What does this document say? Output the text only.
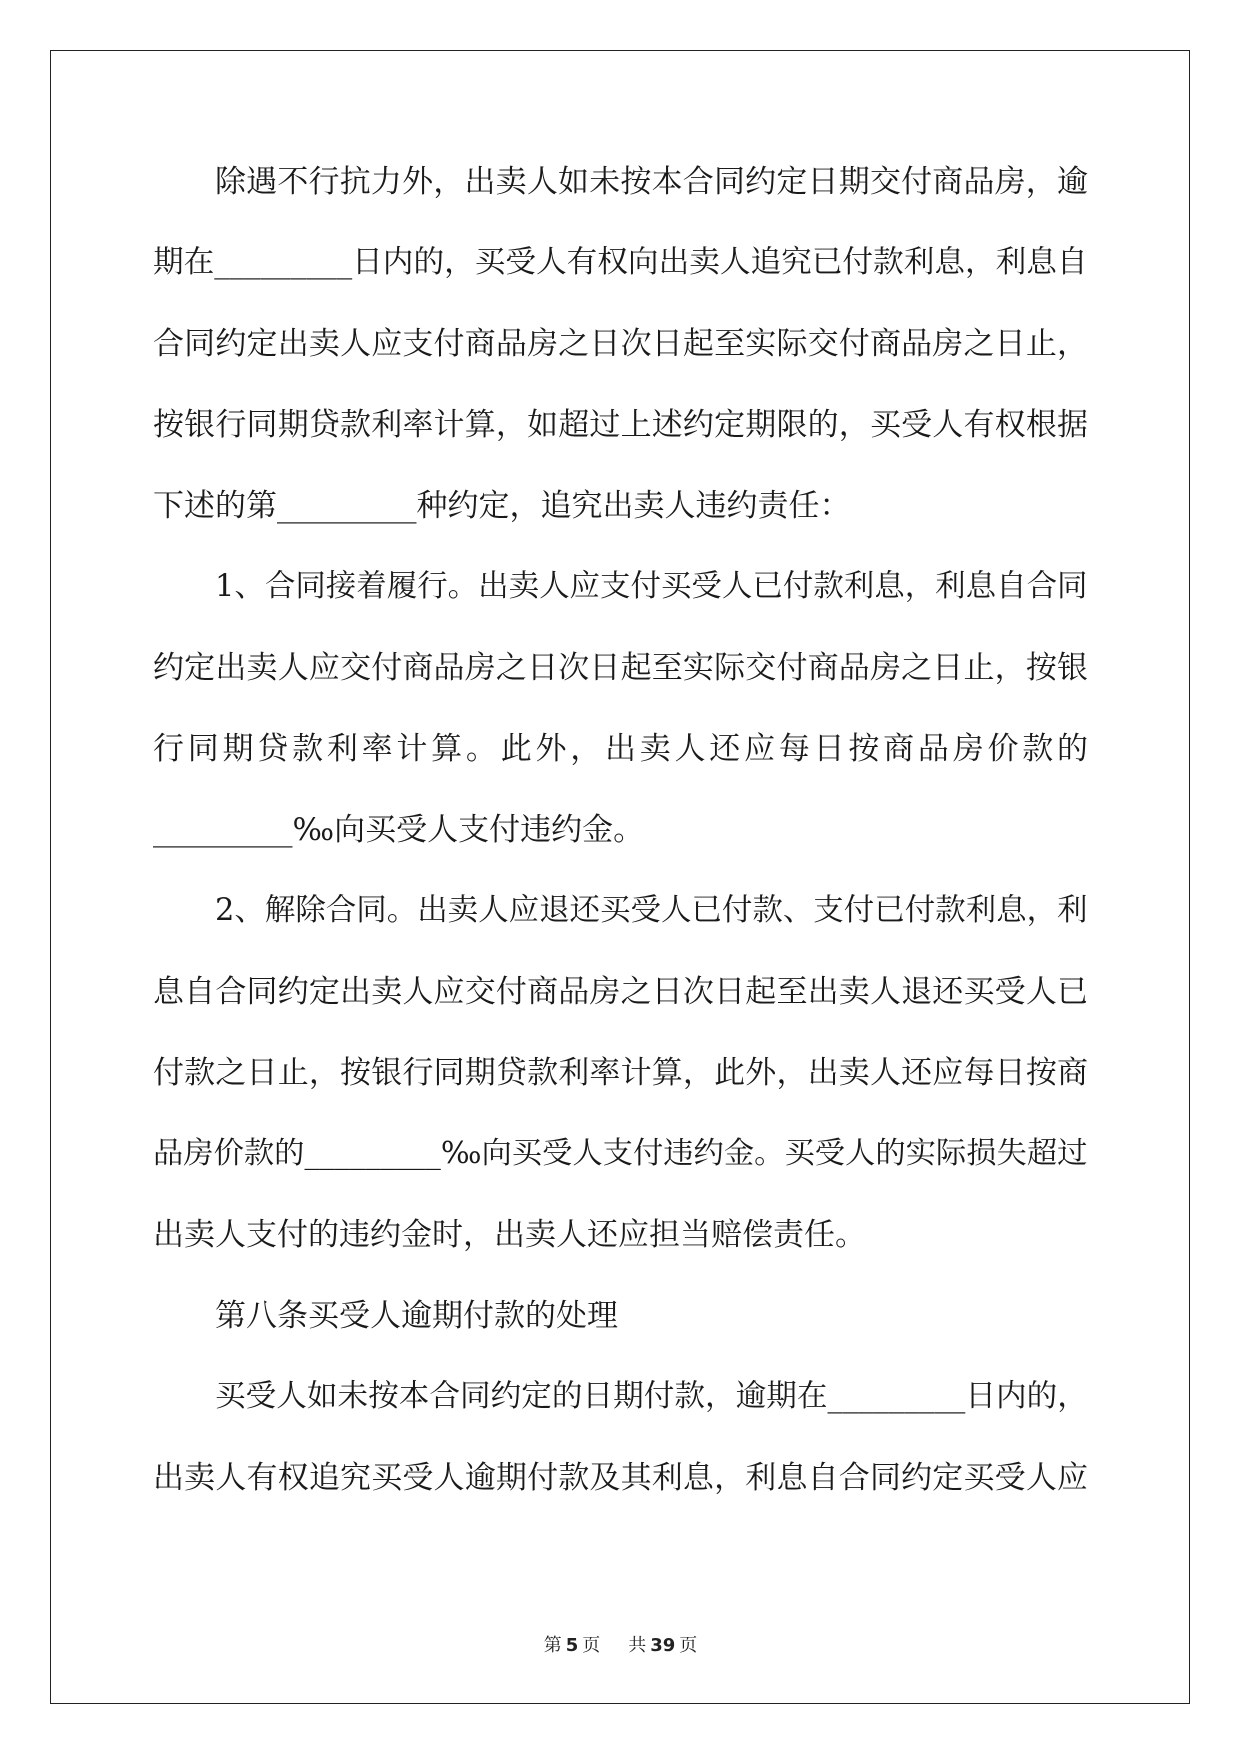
除遇不行抗力外，出卖人如未按本合同约定日期交付商品房，逾
期在_________日内的，买受人有权向出卖人追究已付款利息，利息自
合同约定出卖人应支付商品房之日次日起至实际交付商品房之日止，
按银行同期贷款利率计算，如超过上述约定期限的，买受人有权根据
下述的第_________种约定，追究出卖人违约责任：
1、合同接着履行。出卖人应支付买受人已付款利息，利息自合同
约定出卖人应交付商品房之日次日起至实际交付商品房之日止，按银
行同期贷款利率计算。此外，出卖人还应每日按商品房价款的
_________‰向买受人支付违约金。
2、解除合同。出卖人应退还买受人已付款、支付已付款利息，利
息自合同约定出卖人应交付商品房之日次日起至出卖人退还买受人已
付款之日止，按银行同期贷款利率计算，此外，出卖人还应每日按商
品房价款的_________‰向买受人支付违约金。买受人的实际损失超过
出卖人支付的违约金时，出卖人还应担当赔偿责任。
第八条买受人逾期付款的处理
买受人如未按本合同约定的日期付款，逾期在_________日内的，
出卖人有权追究买受人逾期付款及其利息，利息自合同约定买受人应
第 5 页 共 39 页
